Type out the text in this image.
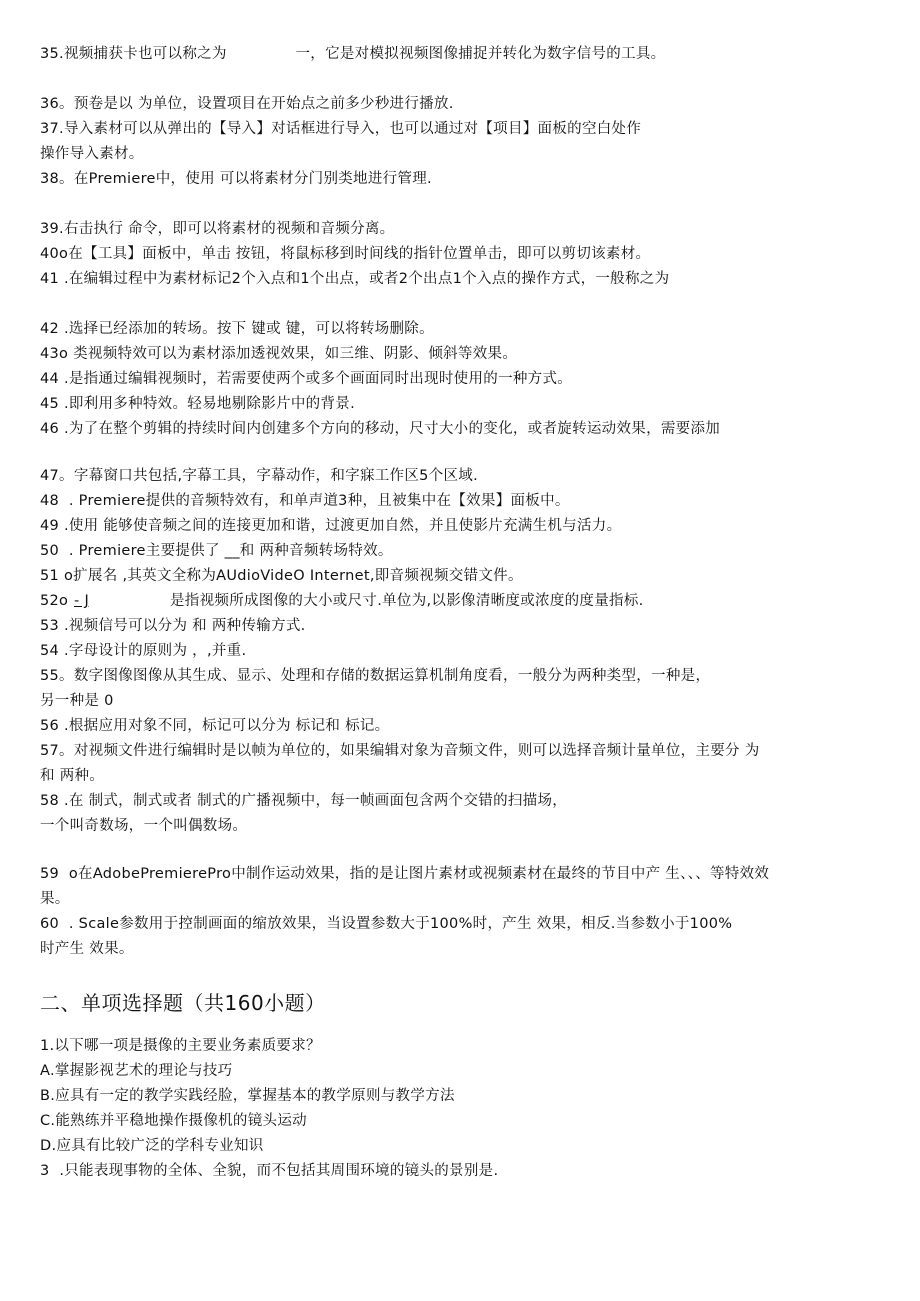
35.视频捕获卡也可以称之为              一，它是对模拟视频图像捕捉并转化为数字信号的工具。
36。预卷是以 为单位，设置项目在开始点之前多少秒进行播放.
37.导入素材可以从弹出的【导入】对话框进行导入，也可以通过对【项目】面板的空白处作
操作导入素材。
38。在Premiere中，使用 可以将素材分门别类地进行管理.
39.右击执行 命令，即可以将素材的视频和音频分离。
40o在【工具】面板中，单击 按钮，将鼠标移到时间线的指针位置单击，即可以剪切该素材。
41 .在编辑过程中为素材标记2个入点和1个出点，或者2个出点1个入点的操作方式，一般称之为
42 .选择已经添加的转场。按下 键或 键，可以将转场删除。
43o 类视频特效可以为素材添加透视效果，如三维、阴影、倾斜等效果。
44 .是指通过编辑视频时，若需要使两个或多个画面同时出现时使用的一种方式。
45 .即利用多种特效。轻易地剔除影片中的背景.
46 .为了在整个剪辑的持续时间内创建多个方向的移动，尺寸大小的变化，或者旋转运动效果，需要添加
47。字幕窗口共包括,字幕工具，字幕动作，和字寐工作区5个区域.
48  . Premiere提供的音频特效有，和单声道3种，且被集中在【效果】面板中。
49 .使用 能够使音频之间的连接更加和谐，过渡更加自然，并且使影片充满生机与活力。
50  . Premiere主要提供了 __和 两种音频转场特效。
51 o扩展名 ,其英文全称为AUdioVideO Internet,即音频视频交错文件。
52o - J	是指视频所成图像的大小或尺寸.单位为,以影像清晰度或浓度的度量指标.
53 .视频信号可以分为 和 两种传输方式.
54 .字母设计的原则为 ，,并重.
55。数字图像图像从其生成、显示、处理和存储的数据运算机制角度看，一般分为两种类型，一种是，
另一种是 0
56 .根据应用对象不同，标记可以分为 标记和 标记。
57。对视频文件进行编辑时是以帧为单位的，如果编辑对象为音频文件，则可以选择音频计量单位，主要分 为
和 两种。
58 .在 制式，制式或者 制式的广播视频中，每一帧画面包含两个交错的扫描场，
一个叫奇数场，一个叫偶数场。
59  o在AdobePremierePro中制作运动效果，指的是让图片素材或视频素材在最终的节目中产 生、、、等特效效
果。
60  . Scale参数用于控制画面的缩放效果，当设置参数大于100%时，产生 效果，相反.当参数小于100%
时产生 效果。
二、单项选择题（共160小题）
1.以下哪一项是摄像的主要业务素质要求？
A.掌握影视艺术的理论与技巧
B.应具有一定的教学实践经脸，掌握基本的教学原则与教学方法
C.能熟练并平稳地操作摄像机的镜头运动
D.应具有比较广泛的学科专业知识
3  .只能表现事物的全体、全貌，而不包括其周围环境的镜头的景别是.
